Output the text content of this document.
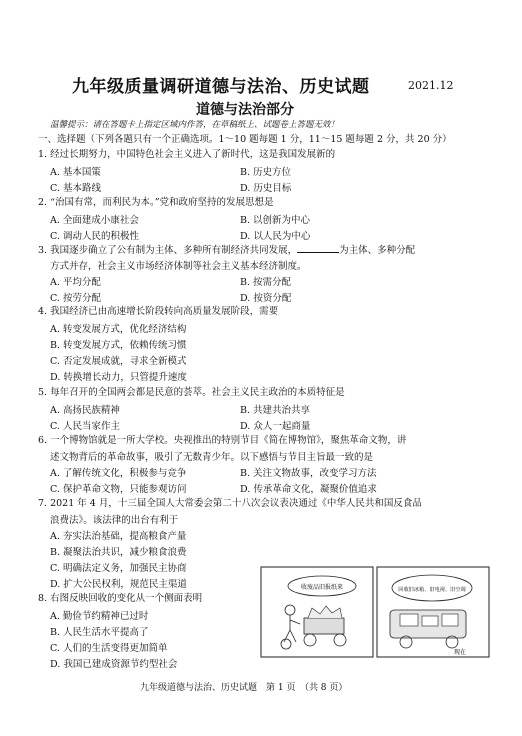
九年级质量调研道德与法治、历史试题	2021.12
道德与法治部分
温馨提示：请在答题卡上指定区域内作答，在草稿纸上、试题卷上答题无效！
一、选择题（下列各题只有一个正确选项。1～10 题每题 1 分，11～15 题每题 2 分，共 20 分）
1. 经过长期努力，中国特色社会主义进入了新时代，这是我国发展新的
A. 基本国策	B. 历史方位
C. 基本路线	D. 历史目标
2. “治国有常，而利民为本。”党和政府坚持的发展思想是
A. 全面建成小康社会	B. 以创新为中心
C. 调动人民的积极性	D. 以人民为中心
3. 我国逐步确立了公有制为主体、多种所有制经济共同发展，	为主体、多种分配
方式并存，社会主义市场经济体制等社会主义基本经济制度。
A. 平均分配	B. 按需分配
C. 按劳分配	D. 按资分配
4. 我国经济已由高速增长阶段转向高质量发展阶段，需要
A. 转变发展方式，优化经济结构
B. 转变发展方式，依赖传统习惯
C. 否定发展成就，寻求全新模式
D. 转换增长动力，只管提升速度
5. 每年召开的全国两会都是民意的荟萃。社会主义民主政治的本质特征是
A. 高扬民族精神	B. 共建共治共享
C. 人民当家作主	D. 众人一起商量
6. 一个博物馆就是一所大学校。央视推出的特别节目《简在博物馆》，聚焦革命文物，讲
述文物背后的革命故事，吸引了无数青少年。以下感悟与节目主旨最一致的是
A. 了解传统文化，积极参与竞争	B. 关注文物故事，改变学习方法
C. 保护革命文物，只能参观访问	D. 传承革命文化，凝聚价值追求
7. 2021 年 4 月，十三届全国人大常委会第二十八次会议表决通过《中华人民共和国反食品
浪费法》。该法律的出台有利于
A. 夯实法治基础，提高粮食产量
B. 凝聚法治共识，减少粮食浪费
C. 明确法定义务，加强民主协商
D. 扩大公民权利，规范民主渠道
8. 右图反映回收的变化从一个侧面表明
A. 勤俭节约精神已过时
B. 人民生活水平提高了
C. 人们的生活变得更加简单
D. 我国已建成资源节约型社会
收废品旧报纸来	回收旧冰箱、旧电视、旧空调
现在
九年级道德与法治、历史试题　第 1 页　（共 8 页）
